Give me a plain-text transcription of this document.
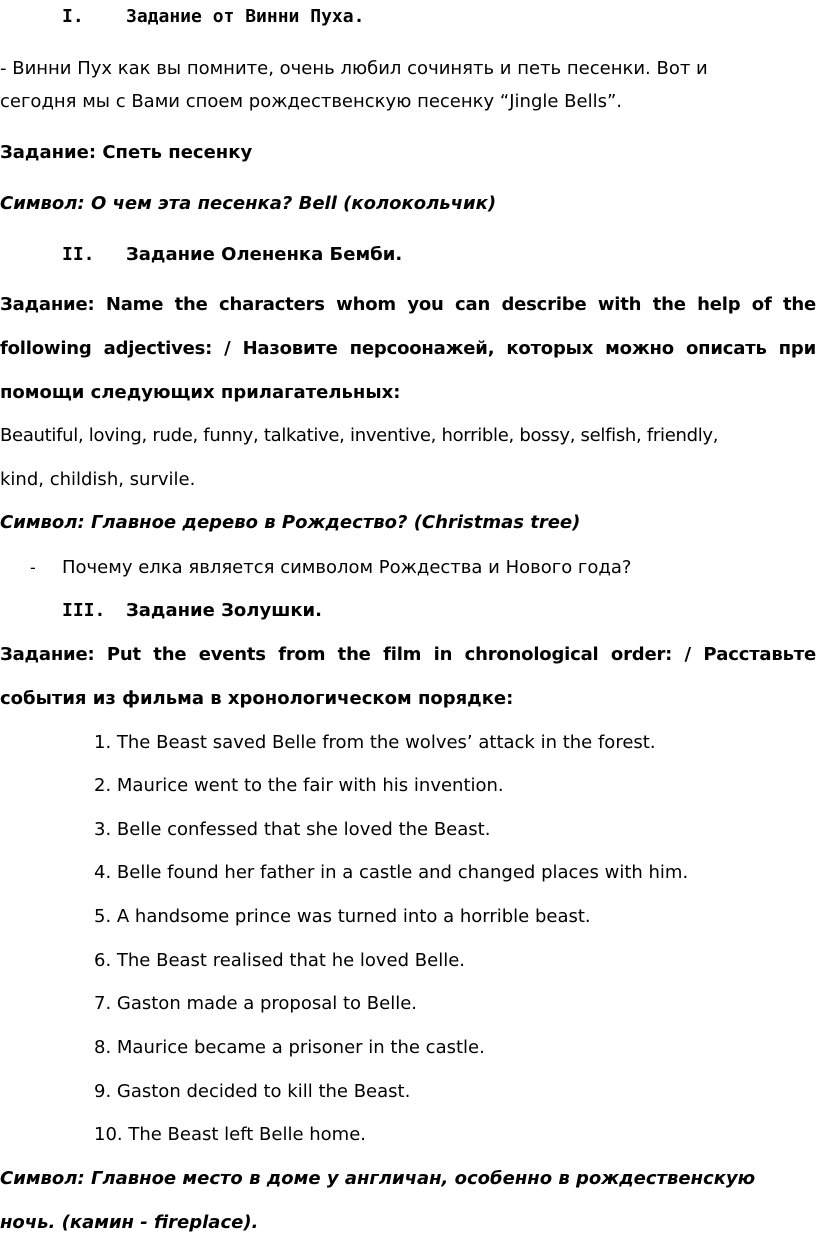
I. Задание от Винни Пуха.
- Винни Пух как вы помните, очень любил сочинять и петь песенки. Вот и
сегодня мы с Вами споем рождественскую песенку “Jingle Bells”.
Задание: Спеть песенку
Символ: О чем эта песенка? Bell (колокольчик)
II. Задание Олененка Бемби.
Задание: Name the characters whom you can describe with the help of the
following adjectives: / Назовите персоонажей, которых можно описать при
помощи следующих прилагательных:
Beautiful, loving, rude, funny, talkative, inventive, horrible, bossy, selfish, friendly,
kind, childish, survile.
Символ: Главное дерево в Рождество? (Christmas tree)
- Почему елка является символом Рождества и Нового года?
III. Задание Золушки.
Задание: Put the events from the film in chronological order: / Расставьте
события из фильма в хронологическом порядке:
1. The Beast saved Belle from the wolves’ attack in the forest.
2. Maurice went to the fair with his invention.
3. Belle confessed that she loved the Beast.
4. Belle found her father in a castle and changed places with him.
5. A handsome prince was turned into a horrible beast.
6. The Beast realised that he loved Belle.
7. Gaston made a proposal to Belle.
8. Maurice became a prisoner in the castle.
9. Gaston decided to kill the Beast.
10. The Beast left Belle home.
Символ: Главное место в доме у англичан, особенно в рождественскую
ночь. (камин - fireplace).
